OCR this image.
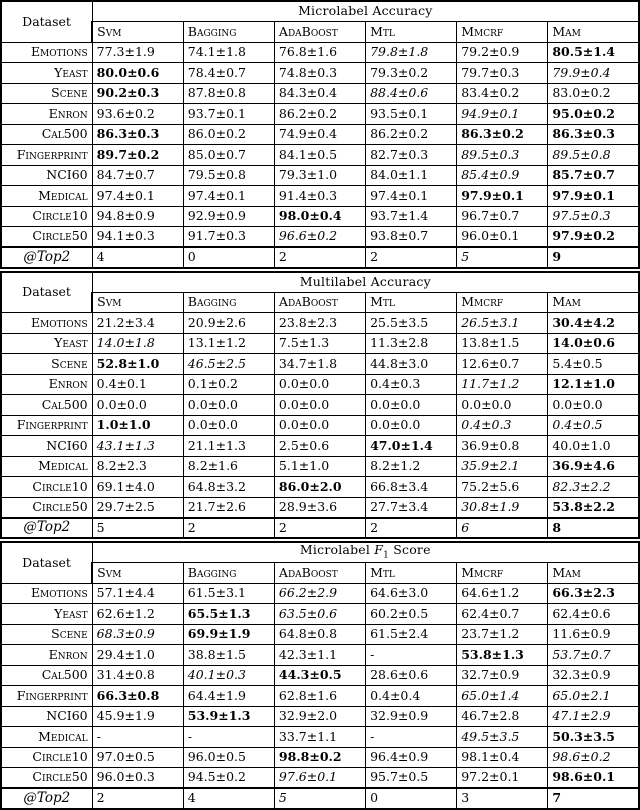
Dataset	Microlabel Accuracy					
	Svm	Bagging	AdaBoost	Mtl	Mmcrf	Mam
Emotions	77.3±1.9	74.1±1.8	76.8±1.6	79.8±1.8	79.2±0.9	80.5±1.4
Yeast	80.0±0.6	78.4±0.7	74.8±0.3	79.3±0.2	79.7±0.3	79.9±0.4
Scene	90.2±0.3	87.8±0.8	84.3±0.4	88.4±0.6	83.4±0.2	83.0±0.2
Enron	93.6±0.2	93.7±0.1	86.2±0.2	93.5±0.1	94.9±0.1	95.0±0.2
Cal500	86.3±0.3	86.0±0.2	74.9±0.4	86.2±0.2	86.3±0.2	86.3±0.3
Fingerprint	89.7±0.2	85.0±0.7	84.1±0.5	82.7±0.3	89.5±0.3	89.5±0.8
NCI60	84.7±0.7	79.5±0.8	79.3±1.0	84.0±1.1	85.4±0.9	85.7±0.7
Medical	97.4±0.1	97.4±0.1	91.4±0.3	97.4±0.1	97.9±0.1	97.9±0.1
Circle10	94.8±0.9	92.9±0.9	98.0±0.4	93.7±1.4	96.7±0.7	97.5±0.3
Circle50	94.1±0.3	91.7±0.3	96.6±0.2	93.8±0.7	96.0±0.1	97.9±0.2
@Top2	4	0	2	2	5	9
Dataset	Multilabel Accuracy					
	Svm	Bagging	AdaBoost	Mtl	Mmcrf	Mam
Emotions	21.2±3.4	20.9±2.6	23.8±2.3	25.5±3.5	26.5±3.1	30.4±4.2
Yeast	14.0±1.8	13.1±1.2	7.5±1.3	11.3±2.8	13.8±1.5	14.0±0.6
Scene	52.8±1.0	46.5±2.5	34.7±1.8	44.8±3.0	12.6±0.7	5.4±0.5
Enron	0.4±0.1	0.1±0.2	0.0±0.0	0.4±0.3	11.7±1.2	12.1±1.0
Cal500	0.0±0.0	0.0±0.0	0.0±0.0	0.0±0.0	0.0±0.0	0.0±0.0
Fingerprint	1.0±1.0	0.0±0.0	0.0±0.0	0.0±0.0	0.4±0.3	0.4±0.5
NCI60	43.1±1.3	21.1±1.3	2.5±0.6	47.0±1.4	36.9±0.8	40.0±1.0
Medical	8.2±2.3	8.2±1.6	5.1±1.0	8.2±1.2	35.9±2.1	36.9±4.6
Circle10	69.1±4.0	64.8±3.2	86.0±2.0	66.8±3.4	75.2±5.6	82.3±2.2
Circle50	29.7±2.5	21.7±2.6	28.9±3.6	27.7±3.4	30.8±1.9	53.8±2.2
@Top2	5	2	2	2	6	8
Dataset	Microlabel $F_1$ Score					
	Svm	Bagging	AdaBoost	Mtl	Mmcrf	Mam
Emotions	57.1±4.4	61.5±3.1	66.2±2.9	64.6±3.0	64.6±1.2	66.3±2.3
Yeast	62.6±1.2	65.5±1.3	63.5±0.6	60.2±0.5	62.4±0.7	62.4±0.6
Scene	68.3±0.9	69.9±1.9	64.8±0.8	61.5±2.4	23.7±1.2	11.6±0.9
Enron	29.4±1.0	38.8±1.5	42.3±1.1	-	53.8±1.3	53.7±0.7
Cal500	31.4±0.8	40.1±0.3	44.3±0.5	28.6±0.6	32.7±0.9	32.3±0.9
Fingerprint	66.3±0.8	64.4±1.9	62.8±1.6	0.4±0.4	65.0±1.4	65.0±2.1
NCI60	45.9±1.9	53.9±1.3	32.9±2.0	32.9±0.9	46.7±2.8	47.1±2.9
Medical	-	-	33.7±1.1	-	49.5±3.5	50.3±3.5
Circle10	97.0±0.5	96.0±0.5	98.8±0.2	96.4±0.9	98.1±0.4	98.6±0.2
Circle50	96.0±0.3	94.5±0.2	97.6±0.1	95.7±0.5	97.2±0.1	98.6±0.1
@Top2	2	4	5	0	3	7
